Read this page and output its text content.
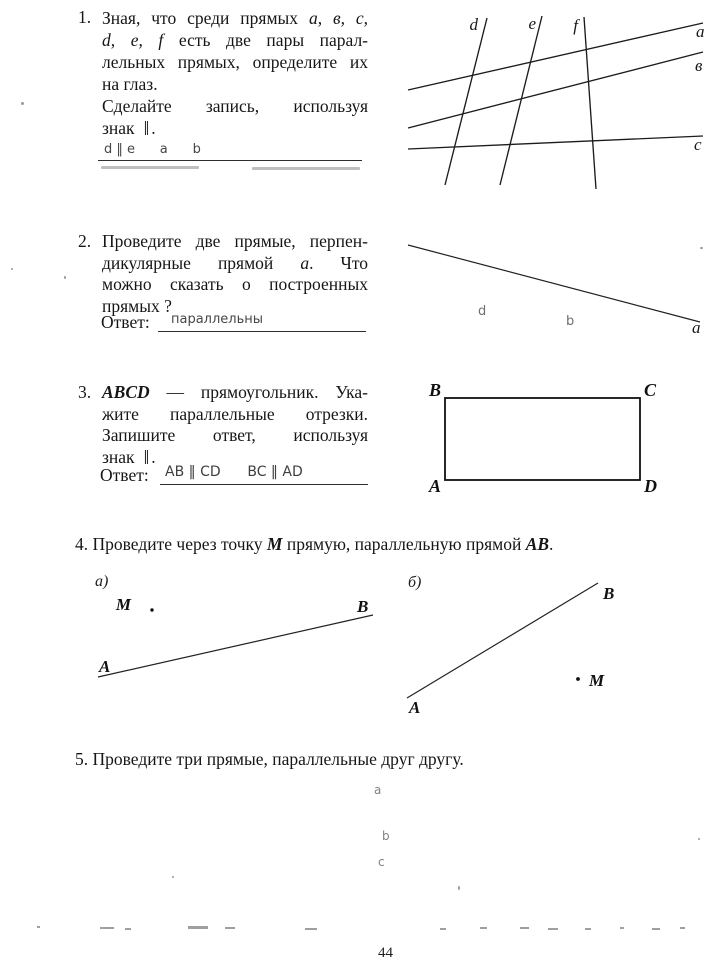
1. Зная, что среди прямых а, в, с,
d, e, f есть две пары парал-
лельных прямых, определите их
на глаз.
Сделайте запись, используя
знак ‖ .
d ‖ e      a      b
d	e f	a
в
c
2. Проведите две прямые, перпен-
дикулярные прямой а. Что
можно сказать о построенных
прямых ?
Ответ:	параллельны	a
d
b
3. ABCD — прямоугольник. Ука-
жите параллельные отрезки.
Запишите ответ, используя
знак ‖ .
Ответ:	AB ‖ CD      BC ‖ AD
B	C
A	D
4. Проведите через точку М прямую, параллельную прямой АВ.
а)
M	B
A
б)
B
A
M
5. Проведите три прямые, параллельные друг другу.
a
b
c
44
